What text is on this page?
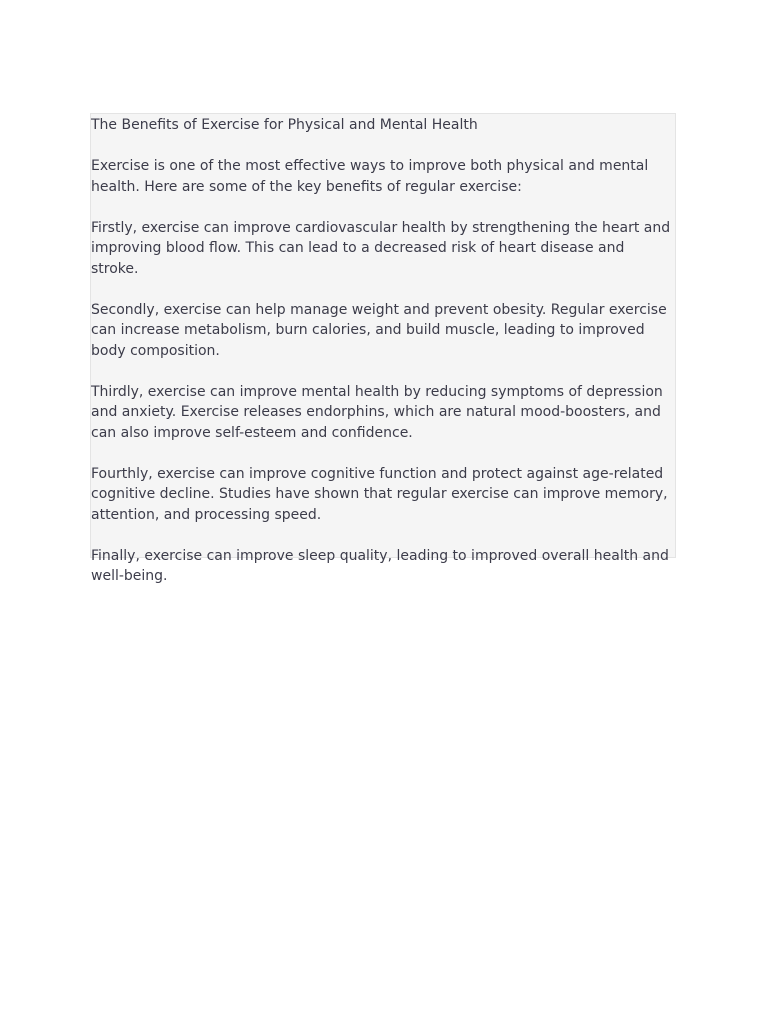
The Benefits of Exercise for Physical and Mental Health

Exercise is one of the most effective ways to improve both physical and mental health. Here are some of the key benefits of regular exercise:

Firstly, exercise can improve cardiovascular health by strengthening the heart and improving blood flow. This can lead to a decreased risk of heart disease and stroke.

Secondly, exercise can help manage weight and prevent obesity. Regular exercise can increase metabolism, burn calories, and build muscle, leading to improved body composition.

Thirdly, exercise can improve mental health by reducing symptoms of depression and anxiety. Exercise releases endorphins, which are natural mood-boosters, and can also improve self-esteem and confidence.

Fourthly, exercise can improve cognitive function and protect against age-related cognitive decline. Studies have shown that regular exercise can improve memory, attention, and processing speed.

Finally, exercise can improve sleep quality, leading to improved overall health and well-being.
